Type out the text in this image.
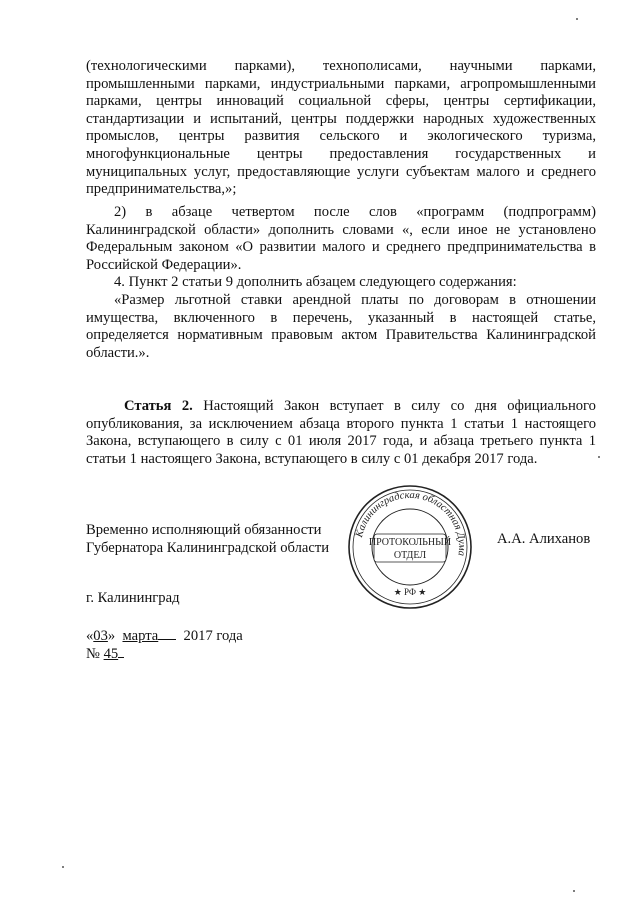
(технологическими парками), технополисами, научными парками, промышленными парками, индустриальными парками, агропромышленными парками, центры инноваций социальной сферы, центры сертификации, стандартизации и испытаний, центры поддержки народных художественных промыслов, центры развития сельского и экологического туризма, многофункциональные центры предоставления государственных и муниципальных услуг, предоставляющие услуги субъектам малого и среднего предпринимательства,»;

2) в абзаце четвертом после слов «программ (подпрограмм) Калининградской области» дополнить словами «, если иное не установлено Федеральным законом «О развитии малого и среднего предпринимательства в Российской Федерации».

4. Пункт 2 статьи 9 дополнить абзацем следующего содержания:

«Размер льготной ставки арендной платы по договорам в отношении имущества, включенного в перечень, указанный в настоящей статье, определяется нормативным правовым актом Правительства Калининградской области.».

Статья 2. Настоящий Закон вступает в силу со дня официального опубликования, за исключением абзаца второго пункта 1 статьи 1 настоящего Закона, вступающего в силу с 01 июля 2017 года, и абзаца третьего пункта 1 статьи 1 настоящего Закона, вступающего в силу с 01 декабря 2017 года.

Временно исполняющий обязанности
Губернатора Калининградской области
А.А. Алиханов
Калининградская областная Дума
ПРОТОКОЛЬНЫЙ
ОТДЕЛ
★ РФ ★
г. Калининград
«03» марта 2017 года
№ 45
